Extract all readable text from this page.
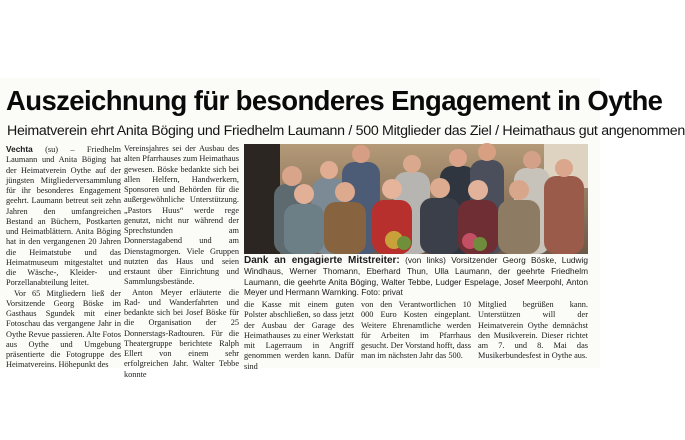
Auszeichnung für besonderes Engagement in Oythe
Heimatverein ehrt Anita Böging und Friedhelm Laumann / 500 Mitglieder das Ziel / Heimathaus gut angenommen

Vechta (su) – Friedhelm Laumann und Anita Böging hat der Heimatverein Oythe auf der jüngsten Mitgliederversammlung für ihr besonderes Engagement geehrt. Laumann betreut seit zehn Jahren den umfangreichen Bestand an Büchern, Postkarten und Heimatblättern. Anita Böging hat in den vergangenen 20 Jahren die Heimatstube und das Heimatmuseum mitgestaltet und die Wäsche-, Kleider- und Porzellanabteilung leitet.

Vor 65 Mitgliedern ließ der Vorsitzende Georg Böske im Gasthaus Sgundek mit einer Fotoschau das vergangene Jahr in Oythe Revue passieren. Alte Fotos aus Oythe und Umgebung präsentierte die Fotogruppe des Heimatvereins. Höhepunkt des

Vereinsjahres sei der Ausbau des alten Pfarrhauses zum Heimathaus gewesen. Böske bedankte sich bei allen Helfern, Handwerkern, Sponsoren und Behörden für die außergewöhnliche Unterstützung. „Pastors Huus“ werde rege genutzt, nicht nur während der Sprechstunden am Donnerstagabend und am Dienstagmorgen. Viele Gruppen nutzten das Haus und seien erstaunt über Einrichtung und Sammlungsbestände.

Anton Meyer erläuterte die Rad- und Wanderfahrten und bedankte sich bei Josef Böske für die Organisation der 25 Donnerstags-Radtouren. Für die Theatergruppe berichtete Ralph Ellert von einem sehr erfolgreichen Jahr. Walter Tebbe konnte

Dank an engagierte Mitstreiter: (von links) Vorsitzender Georg Böske, Ludwig Windhaus, Werner Thomann, Eberhard Thun, Ulla Laumann, der geehrte Friedhelm Laumann, die geehrte Anita Böging, Walter Tebbe, Ludger Espelage, Josef Meerpohl, Anton Meyer und Hermann Warnking. Foto: privat

die Kasse mit einem guten Polster abschließen, so dass jetzt der Ausbau der Garage des Heimathauses zu einer Werkstatt mit Lagerraum in Angriff genommen werden kann. Dafür sind

von den Verantwortlichen 10 000 Euro Kosten eingeplant. Weitere Ehrenamtliche werden für Arbeiten im Pfarrhaus gesucht. Der Vorstand hofft, dass man im nächsten Jahr das 500.

Mitglied begrüßen kann. Unterstützen will der Heimatverein Oythe demnächst den Musikverein. Dieser richtet am 7. und 8. Mai das Musikerbundesfest in Oythe aus.
